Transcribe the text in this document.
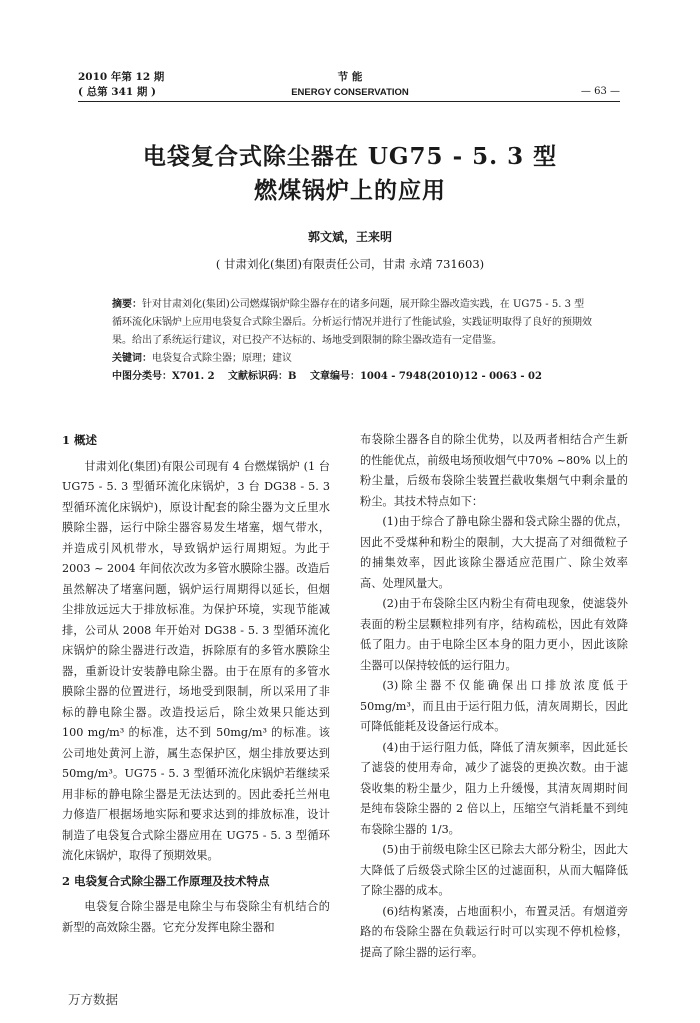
2010 年第 12 期
( 总第 341 期 )
节 能
ENERGY CONSERVATION	— 63 —
电袋复合式除尘器在 UG75 - 5. 3 型
燃煤锅炉上的应用
郭文斌，王来明
( 甘肃刘化(集团)有限责任公司，甘肃 永靖 731603)

摘要：针对甘肃刘化(集团)公司燃煤锅炉除尘器存在的诸多问题，展开除尘器改造实践，在 UG75 - 5. 3 型循环流化床锅炉上应用电袋复合式除尘器后。分析运行情况并进行了性能试验，实践证明取得了良好的预期效果。给出了系统运行建议，对已投产不达标的、场地受到限制的除尘器改造有一定借鉴。

关键词：电袋复合式除尘器；原理；建议

中图分类号：X701. 2　 文献标识码：B　 文章编号：1004 - 7948(2010)12 - 0063 - 02

1 概述

甘肃刘化(集团)有限公司现有 4 台燃煤锅炉 (1 台 UG75 - 5. 3 型循环流化床锅炉，3 台 DG38 - 5. 3 型循环流化床锅炉)，原设计配套的除尘器为文丘里水膜除尘器，运行中除尘器容易发生堵塞，烟气带水，并造成引风机带水，导致锅炉运行周期短。为此于 2003 ~ 2004 年间依次改为多管水膜除尘器。改造后虽然解决了堵塞问题，锅炉运行周期得以延长，但烟尘排放远远大于排放标准。为保护环境，实现节能减排，公司从 2008 年开始对 DG38 - 5. 3 型循环流化床锅炉的除尘器进行改造，拆除原有的多管水膜除尘器，重新设计安装静电除尘器。由于在原有的多管水膜除尘器的位置进行，场地受到限制，所以采用了非标的静电除尘器。改造投运后，除尘效果只能达到 100 mg/m³ 的标准，达不到 50mg/m³ 的标准。该公司地处黄河上游，属生态保护区，烟尘排放要达到50mg/m³。UG75 - 5. 3 型循环流化床锅炉若继续采用非标的静电除尘器是无法达到的。因此委托兰州电力修造厂根据场地实际和要求达到的排放标准，设计制造了电袋复合式除尘器应用在 UG75 - 5. 3 型循环流化床锅炉，取得了预期效果。

2 电袋复合式除尘器工作原理及技术特点

电袋复合除尘器是电除尘与布袋除尘有机结合的新型的高效除尘器。它充分发挥电除尘器和

布袋除尘器各自的除尘优势，以及两者相结合产生新的性能优点，前级电场预收烟气中70% ~80% 以上的粉尘量，后级布袋除尘装置拦截收集烟气中剩余量的粉尘。其技术特点如下：

(1)由于综合了静电除尘器和袋式除尘器的优点，因此不受煤种和粉尘的限制，大大提高了对细微粒子的捕集效率，因此该除尘器适应范围广、除尘效率高、处理风量大。

(2)由于布袋除尘区内粉尘有荷电现象，使滤袋外表面的粉尘层颗粒排列有序，结构疏松，因此有效降低了阻力。由于电除尘区本身的阻力更小，因此该除尘器可以保持较低的运行阻力。

(3)除尘器不仅能确保出口排放浓度低于 50mg/m³，而且由于运行阻力低，清灰周期长，因此可降低能耗及设备运行成本。

(4)由于运行阻力低，降低了清灰频率，因此延长了滤袋的使用寿命，减少了滤袋的更换次数。由于滤袋收集的粉尘量少，阻力上升缓慢，其清灰周期时间是纯布袋除尘器的 2 倍以上，压缩空气消耗量不到纯布袋除尘器的 1/3。

(5)由于前级电除尘区已除去大部分粉尘，因此大大降低了后级袋式除尘区的过滤面积，从而大幅降低了除尘器的成本。

(6)结构紧凑，占地面积小，布置灵活。有烟道旁路的布袋除尘器在负载运行时可以实现不停机检修，提高了除尘器的运行率。

万方数据
